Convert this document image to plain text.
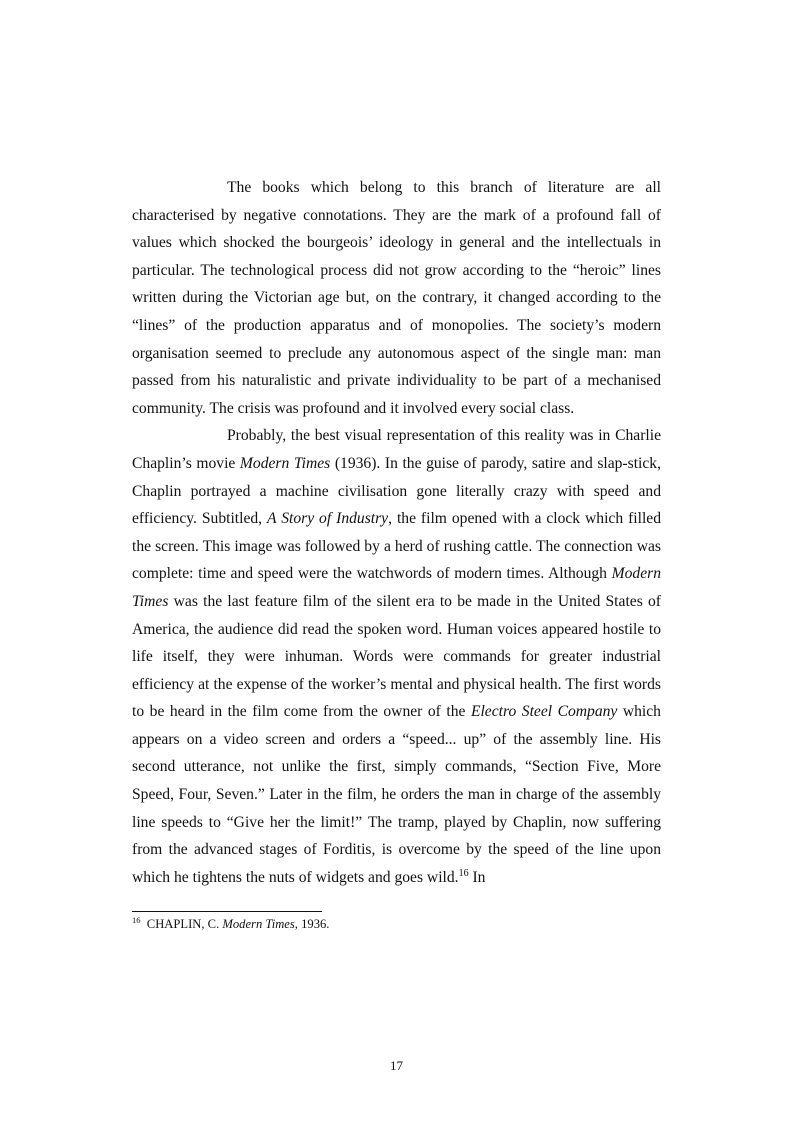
The books which belong to this branch of literature are all characterised by negative connotations. They are the mark of a profound fall of values which shocked the bourgeois’ ideology in general and the intellectuals in particular. The technological process did not grow according to the “heroic” lines written during the Victorian age but, on the contrary, it changed according to the “lines” of the production apparatus and of monopolies. The society’s modern organisation seemed to preclude any autonomous aspect of the single man: man passed from his naturalistic and private individuality to be part of a mechanised community. The crisis was profound and it involved every social class.

Probably, the best visual representation of this reality was in Charlie Chaplin’s movie Modern Times (1936). In the guise of parody, satire and slap-stick, Chaplin portrayed a machine civilisation gone literally crazy with speed and efficiency. Subtitled, A Story of Industry, the film opened with a clock which filled the screen. This image was followed by a herd of rushing cattle. The connection was complete: time and speed were the watchwords of modern times. Although Modern Times was the last feature film of the silent era to be made in the United States of America, the audience did read the spoken word. Human voices appeared hostile to life itself, they were inhuman. Words were commands for greater industrial efficiency at the expense of the worker’s mental and physical health. The first words to be heard in the film come from the owner of the Electro Steel Company which appears on a video screen and orders a “speed... up” of the assembly line. His second utterance, not unlike the first, simply commands, “Section Five, More Speed, Four, Seven.” Later in the film, he orders the man in charge of the assembly line speeds to “Give her the limit!” The tramp, played by Chaplin, now suffering from the advanced stages of Forditis, is overcome by the speed of the line upon which he tightens the nuts of widgets and goes wild.$^{16}$ In

$^{16}$ CHAPLIN, C. Modern Times, 1936.
17
